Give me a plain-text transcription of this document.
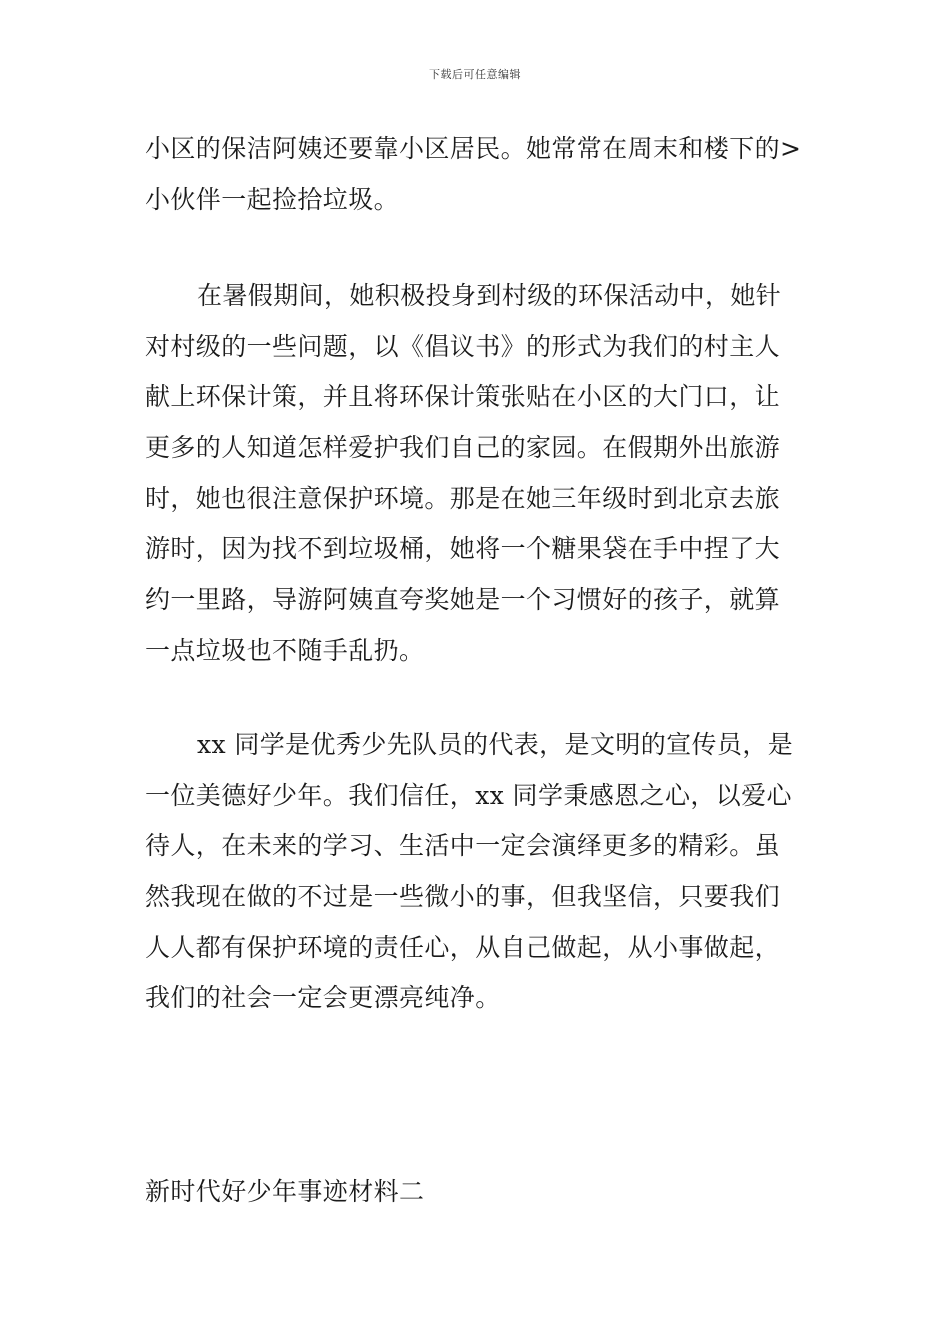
下载后可任意编辑
小区的保洁阿姨还要靠小区居民。她常常在周末和楼下的>
小伙伴一起捡拾垃圾。
在暑假期间，她积极投身到村级的环保活动中，她针
对村级的一些问题，以《倡议书》的形式为我们的村主人
献上环保计策，并且将环保计策张贴在小区的大门口，让
更多的人知道怎样爱护我们自己的家园。在假期外出旅游
时，她也很注意保护环境。那是在她三年级时到北京去旅
游时，因为找不到垃圾桶，她将一个糖果袋在手中捏了大
约一里路，导游阿姨直夸奖她是一个习惯好的孩子，就算
一点垃圾也不随手乱扔。
xx 同学是优秀少先队员的代表，是文明的宣传员，是
一位美德好少年。我们信任，xx 同学秉感恩之心，以爱心
待人，在未来的学习、生活中一定会演绎更多的精彩。虽
然我现在做的不过是一些微小的事，但我坚信，只要我们
人人都有保护环境的责任心，从自己做起，从小事做起，
我们的社会一定会更漂亮纯净。
新时代好少年事迹材料二
